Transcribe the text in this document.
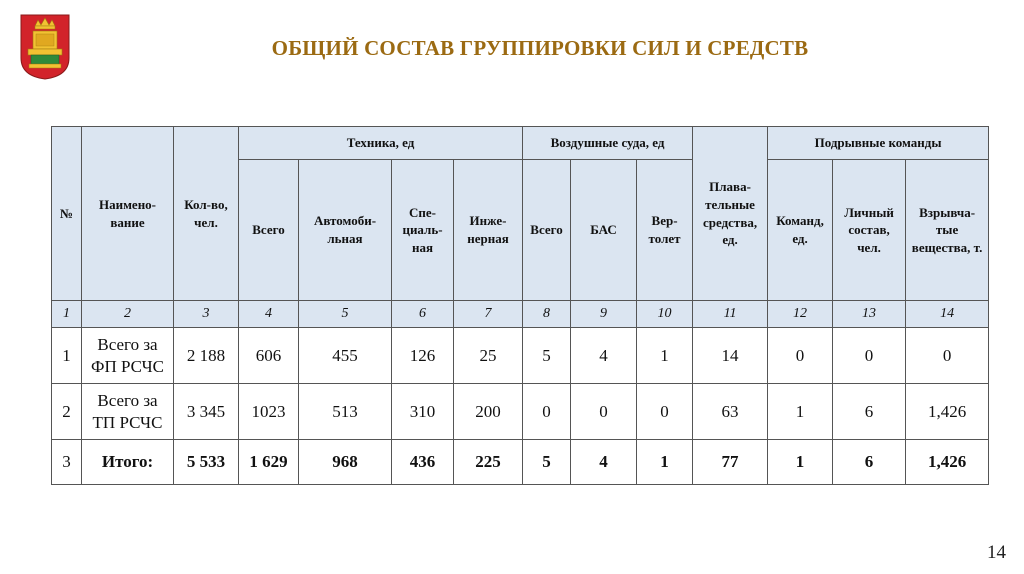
ОБЩИЙ СОСТАВ ГРУППИРОВКИ СИЛ И СРЕДСТВ
№	Наимено-вание	Кол-во, чел.	Техника, ед				Воздушные суда, ед			Плава-тельные средства, ед.	Подрывные команды		
			Всего	Автомоби-льная	Спе-циаль-ная	Инже-нерная	Всего	БАС	Вер-толет				
											Команд, ед.	Личный состав, чел.	Взрывча-тые вещества, т.
1	2	3	4	5	6	7	8	9	10	11	12	13	14
1	Всего за ФП РСЧС	2 188	606	455	126	25	5	4	1	14	0	0	0
2	Всего за ТП РСЧС	3 345	1023	513	310	200	0	0	0	63	1	6	1,426
3	Итого:	5 533	1 629	968	436	225	5	4	1	77	1	6	1,426
14
